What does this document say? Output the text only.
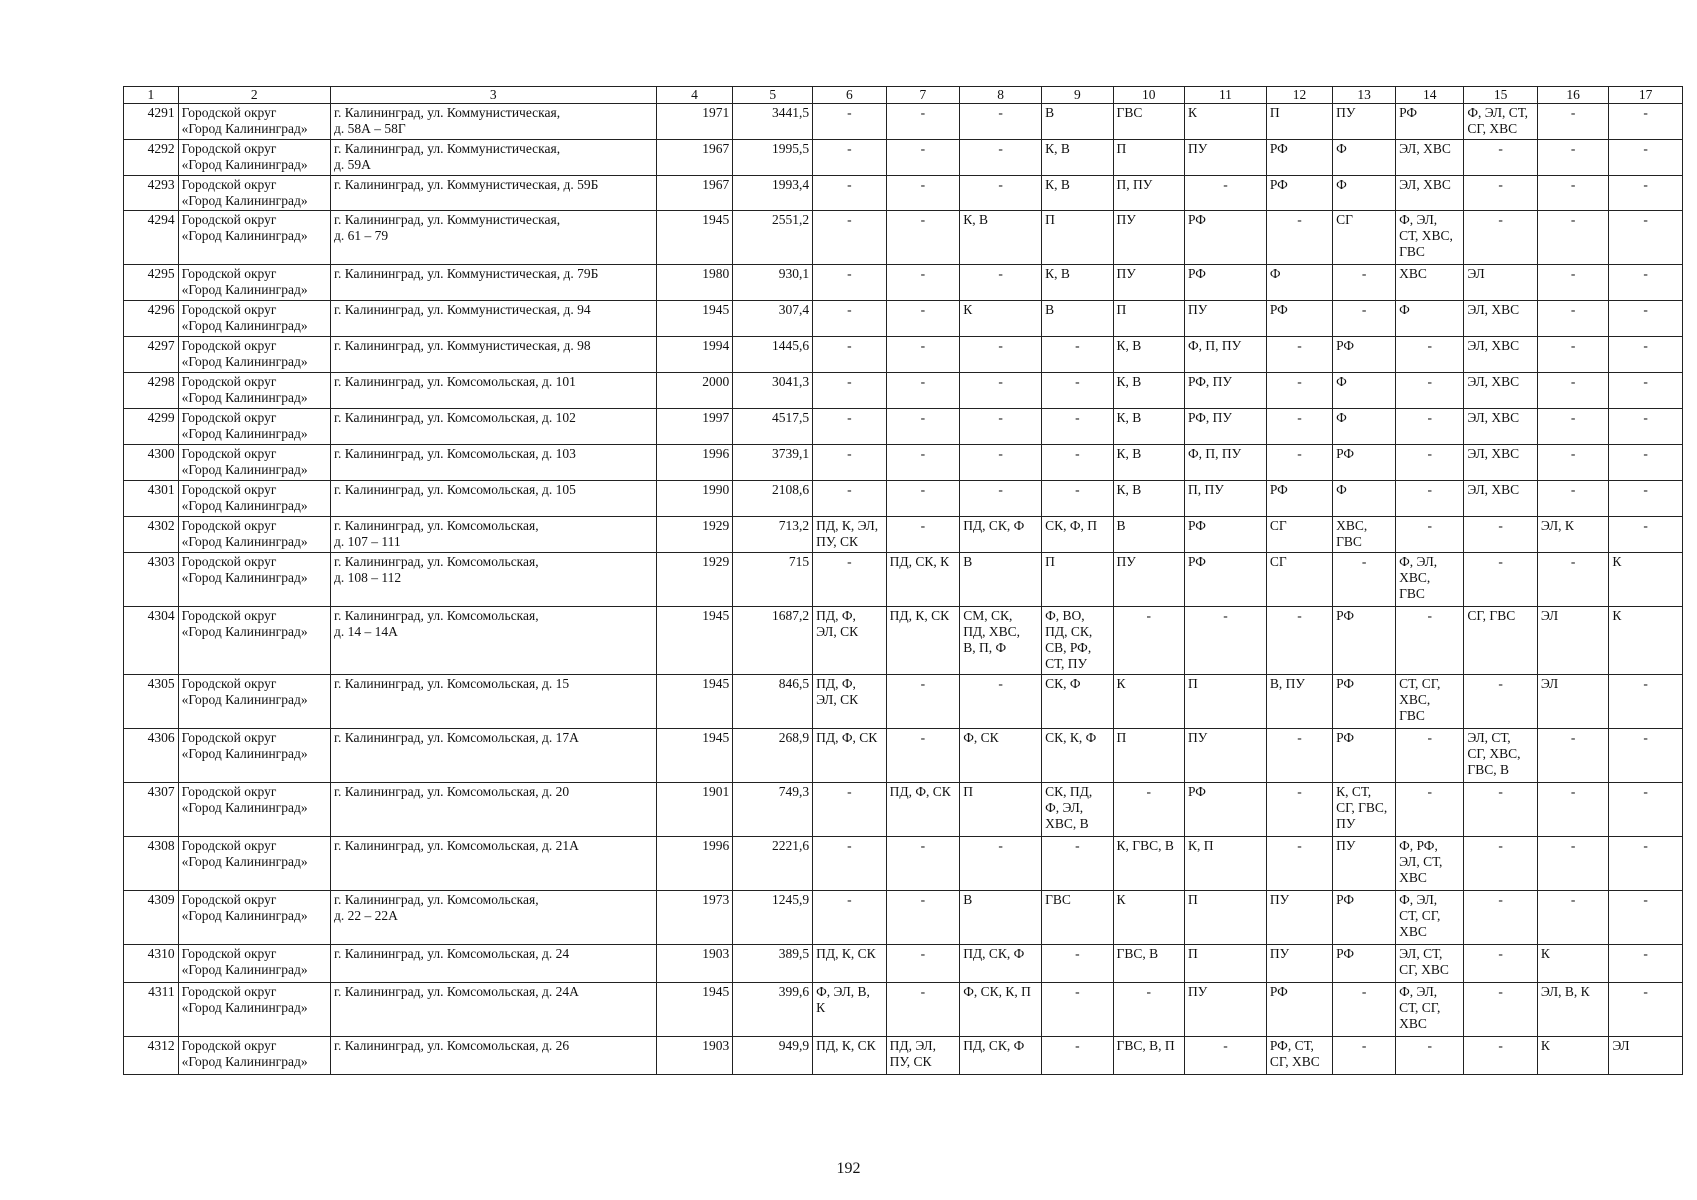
1	2	3	4	5	6	7	8	9	10	11	12	13	14	15	16	17
4291	Городской округ
«Город Калининград»	г. Калининград, ул. Коммунистическая,
д. 58А – 58Г	1971	3441,5	-	-	-	В	ГВС	К	П	ПУ	РФ	Ф, ЭЛ, СТ,
СГ, ХВС	-	-
4292	Городской округ
«Город Калининград»	г. Калининград, ул. Коммунистическая,
д. 59А	1967	1995,5	-	-	-	К, В	П	ПУ	РФ	Ф	ЭЛ, ХВС	-	-	-
4293	Городской округ
«Город Калининград»	г. Калининград, ул. Коммунистическая, д. 59Б	1967	1993,4	-	-	-	К, В	П, ПУ	-	РФ	Ф	ЭЛ, ХВС	-	-	-
4294	Городской округ
«Город Калининград»	г. Калининград, ул. Коммунистическая,
д. 61 – 79	1945	2551,2	-	-	К, В	П	ПУ	РФ	-	СГ	Ф, ЭЛ,
СТ, ХВС,
ГВС	-	-	-
4295	Городской округ
«Город Калининград»	г. Калининград, ул. Коммунистическая, д. 79Б	1980	930,1	-	-	-	К, В	ПУ	РФ	Ф	-	ХВС	ЭЛ	-	-
4296	Городской округ
«Город Калининград»	г. Калининград, ул. Коммунистическая, д. 94	1945	307,4	-	-	К	В	П	ПУ	РФ	-	Ф	ЭЛ, ХВС	-	-
4297	Городской округ
«Город Калининград»	г. Калининград, ул. Коммунистическая, д. 98	1994	1445,6	-	-	-	-	К, В	Ф, П, ПУ	-	РФ	-	ЭЛ, ХВС	-	-
4298	Городской округ
«Город Калининград»	г. Калининград, ул. Комсомольская, д. 101	2000	3041,3	-	-	-	-	К, В	РФ, ПУ	-	Ф	-	ЭЛ, ХВС	-	-
4299	Городской округ
«Город Калининград»	г. Калининград, ул. Комсомольская, д. 102	1997	4517,5	-	-	-	-	К, В	РФ, ПУ	-	Ф	-	ЭЛ, ХВС	-	-
4300	Городской округ
«Город Калининград»	г. Калининград, ул. Комсомольская, д. 103	1996	3739,1	-	-	-	-	К, В	Ф, П, ПУ	-	РФ	-	ЭЛ, ХВС	-	-
4301	Городской округ
«Город Калининград»	г. Калининград, ул. Комсомольская, д. 105	1990	2108,6	-	-	-	-	К, В	П, ПУ	РФ	Ф	-	ЭЛ, ХВС	-	-
4302	Городской округ
«Город Калининград»	г. Калининград, ул. Комсомольская,
д. 107 – 111	1929	713,2	ПД, К, ЭЛ,
ПУ, СК	-	ПД, СК, Ф	СК, Ф, П	В	РФ	СГ	ХВС,
ГВС	-	-	ЭЛ, К	-
4303	Городской округ
«Город Калининград»	г. Калининград, ул. Комсомольская,
д. 108 – 112	1929	715	-	ПД, СК, К	В	П	ПУ	РФ	СГ	-	Ф, ЭЛ,
ХВС,
ГВС	-	-	К
4304	Городской округ
«Город Калининград»	г. Калининград, ул. Комсомольская,
д. 14 – 14А	1945	1687,2	ПД, Ф,
ЭЛ, СК	ПД, К, СК	СМ, СК,
ПД, ХВС,
В, П, Ф	Ф, ВО,
ПД, СК,
СВ, РФ,
СТ, ПУ	-	-	-	РФ	-	СГ, ГВС	ЭЛ	К
4305	Городской округ
«Город Калининград»	г. Калининград, ул. Комсомольская, д. 15	1945	846,5	ПД, Ф,
ЭЛ, СК	-	-	СК, Ф	К	П	В, ПУ	РФ	СТ, СГ,
ХВС,
ГВС	-	ЭЛ	-
4306	Городской округ
«Город Калининград»	г. Калининград, ул. Комсомольская, д. 17А	1945	268,9	ПД, Ф, СК	-	Ф, СК	СК, К, Ф	П	ПУ	-	РФ	-	ЭЛ, СТ,
СГ, ХВС,
ГВС, В	-	-
4307	Городской округ
«Город Калининград»	г. Калининград, ул. Комсомольская, д. 20	1901	749,3	-	ПД, Ф, СК	П	СК, ПД,
Ф, ЭЛ,
ХВС, В	-	РФ	-	К, СТ,
СГ, ГВС,
ПУ	-	-	-	-
4308	Городской округ
«Город Калининград»	г. Калининград, ул. Комсомольская, д. 21А	1996	2221,6	-	-	-	-	К, ГВС, В	К, П	-	ПУ	Ф, РФ,
ЭЛ, СТ,
ХВС	-	-	-
4309	Городской округ
«Город Калининград»	г. Калининград, ул. Комсомольская,
д. 22 – 22А	1973	1245,9	-	-	В	ГВС	К	П	ПУ	РФ	Ф, ЭЛ,
СТ, СГ,
ХВС	-	-	-
4310	Городской округ
«Город Калининград»	г. Калининград, ул. Комсомольская, д. 24	1903	389,5	ПД, К, СК	-	ПД, СК, Ф	-	ГВС, В	П	ПУ	РФ	ЭЛ, СТ,
СГ, ХВС	-	К	-
4311	Городской округ
«Город Калининград»	г. Калининград, ул. Комсомольская, д. 24А	1945	399,6	Ф, ЭЛ, В,
К	-	Ф, СК, К, П	-	-	ПУ	РФ	-	Ф, ЭЛ,
СТ, СГ,
ХВС	-	ЭЛ, В, К	-
4312	Городской округ
«Город Калининград»	г. Калининград, ул. Комсомольская, д. 26	1903	949,9	ПД, К, СК	ПД, ЭЛ,
ПУ, СК	ПД, СК, Ф	-	ГВС, В, П	-	РФ, СТ,
СГ, ХВС	-	-	-	К	ЭЛ
192
